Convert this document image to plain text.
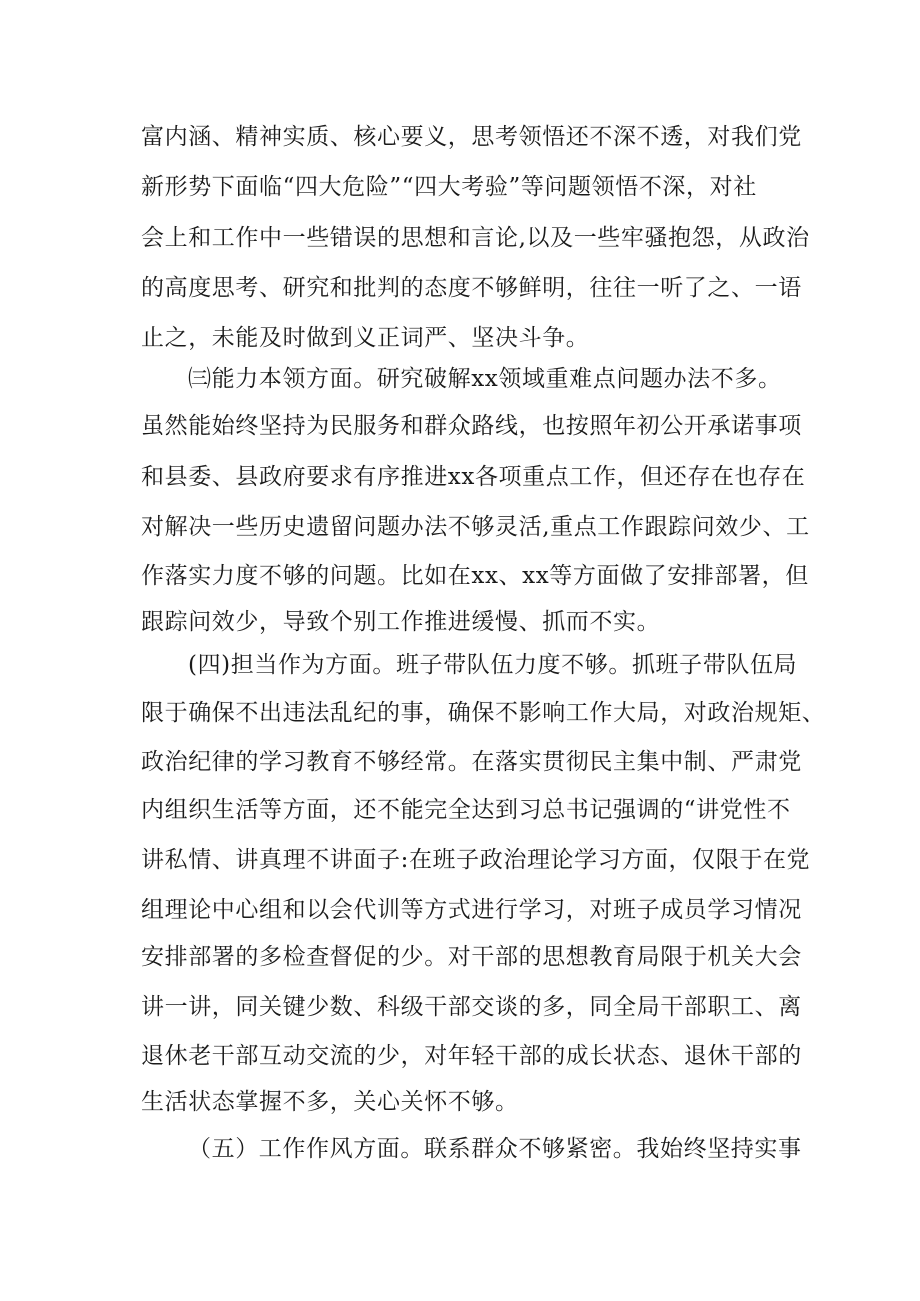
富内涵、精神实质、核心要义，思考领悟还不深不透，对我们党
新形势下面临“四大危险”“四大考验”等问题领悟不深，对社
会上和工作中一些错误的思想和言论,以及一些牢骚抱怨，从政治
的高度思考、研究和批判的态度不够鲜明，往往一听了之、一语
止之，未能及时做到义正词严、坚决斗争。
㈢能力本领方面。研究破解xx领域重难点问题办法不多。
虽然能始终坚持为民服务和群众路线，也按照年初公开承诺事项
和县委、县政府要求有序推进xx各项重点工作，但还存在也存在
对解决一些历史遗留问题办法不够灵活,重点工作跟踪问效少、工
作落实力度不够的问题。比如在xx、xx等方面做了安排部署，但
跟踪问效少，导致个别工作推进缓慢、抓而不实。
(四)担当作为方面。班子带队伍力度不够。抓班子带队伍局
限于确保不出违法乱纪的事，确保不影响工作大局，对政治规矩、
政治纪律的学习教育不够经常。在落实贯彻民主集中制、严肃党
内组织生活等方面，还不能完全达到习总书记强调的“讲党性不
讲私情、讲真理不讲面子:在班子政治理论学习方面，仅限于在党
组理论中心组和以会代训等方式进行学习，对班子成员学习情况
安排部署的多检查督促的少。对干部的思想教育局限于机关大会
讲一讲，同关键少数、科级干部交谈的多，同全局干部职工、离
退休老干部互动交流的少，对年轻干部的成长状态、退休干部的
生活状态掌握不多，关心关怀不够。
（五）工作作风方面。联系群众不够紧密。我始终坚持实事
